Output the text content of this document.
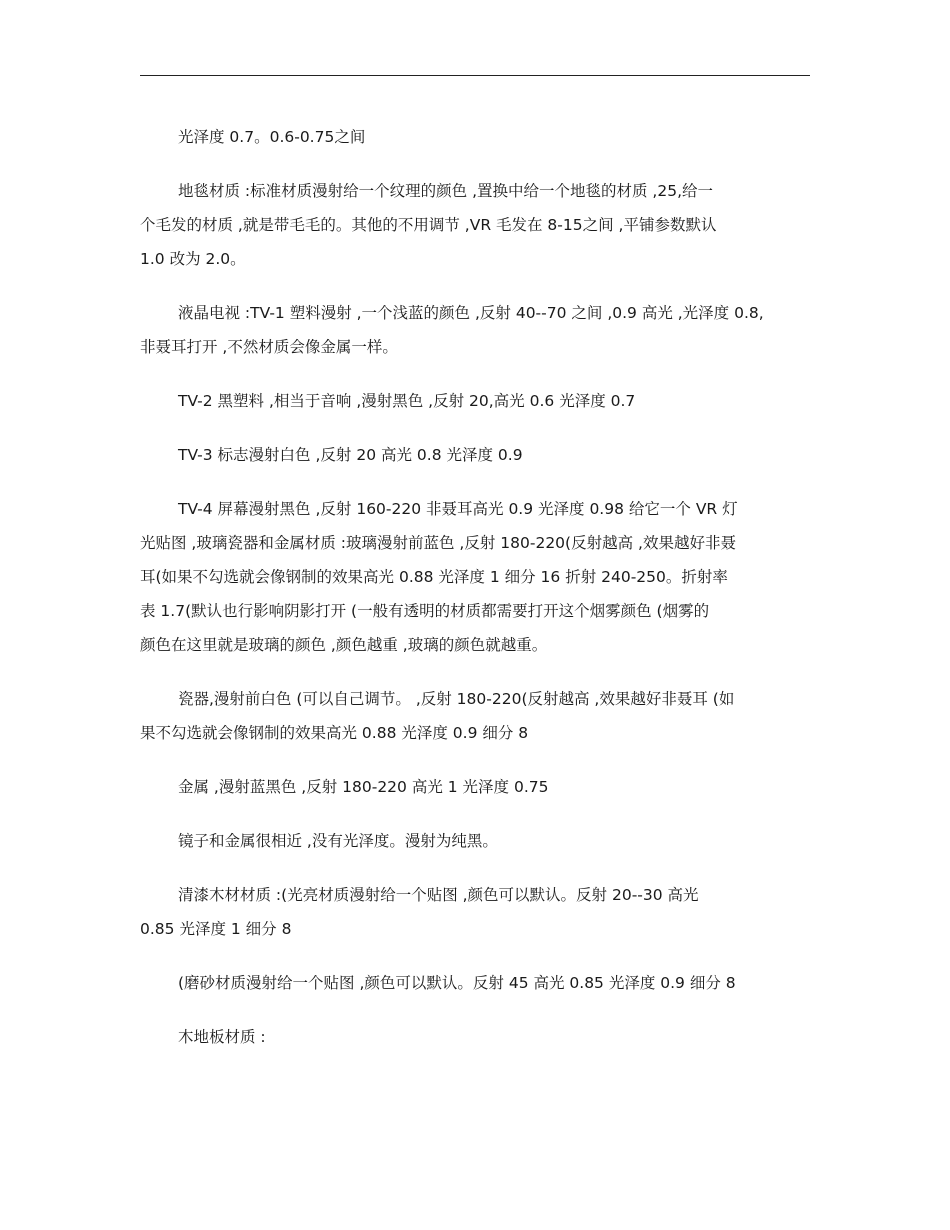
光泽度 0.7。0.6-0.75之间
地毯材质 :标准材质漫射给一个纹理的颜色 ,置换中给一个地毯的材质 ,25,给一
个毛发的材质 ,就是带毛毛的。其他的不用调节 ,VR 毛发在 8-15之间 ,平铺参数默认
1.0 改为 2.0。
液晶电视 :TV-1 塑料漫射 ,一个浅蓝的颜色 ,反射 40--70 之间 ,0.9 高光 ,光泽度 0.8,
非聂耳打开 ,不然材质会像金属一样。
TV-2 黑塑料 ,相当于音响 ,漫射黑色 ,反射 20,高光 0.6 光泽度 0.7
TV-3 标志漫射白色 ,反射 20 高光 0.8 光泽度 0.9
TV-4 屏幕漫射黑色 ,反射 160-220 非聂耳高光 0.9 光泽度 0.98 给它一个 VR 灯
光贴图 ,玻璃瓷器和金属材质 :玻璃漫射前蓝色 ,反射 180-220(反射越高 ,效果越好非聂
耳(如果不勾选就会像钢制的效果高光 0.88 光泽度 1 细分 16 折射 240-250。折射率
表 1.7(默认也行影响阴影打开 (一般有透明的材质都需要打开这个烟雾颜色 (烟雾的
颜色在这里就是玻璃的颜色 ,颜色越重 ,玻璃的颜色就越重。
瓷器,漫射前白色 (可以自己调节。 ,反射 180-220(反射越高 ,效果越好非聂耳 (如
果不勾选就会像钢制的效果高光 0.88 光泽度 0.9 细分 8
金属 ,漫射蓝黑色 ,反射 180-220 高光 1 光泽度 0.75
镜子和金属很相近 ,没有光泽度。漫射为纯黑。
清漆木材材质 :(光亮材质漫射给一个贴图 ,颜色可以默认。反射 20--30 高光
0.85 光泽度 1 细分 8
(磨砂材质漫射给一个贴图 ,颜色可以默认。反射 45 高光 0.85 光泽度 0.9 细分 8
木地板材质 :
